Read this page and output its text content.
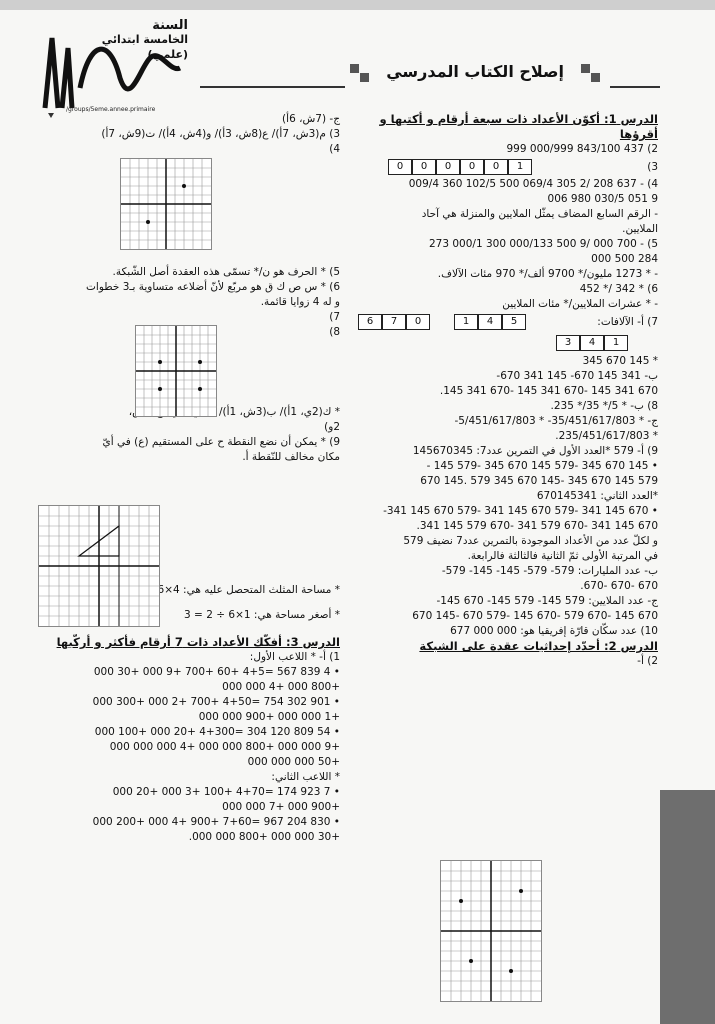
السنة
الخامسة ابتدائي
(علمي)
/groups/5eme.annee.primaire
إصلاح الكتاب المدرسي

الدرس 1: أكوّن الأعداد ذات سبعة أرقام و أكتبها و أقرؤها

2) 437 843/100 000/999 999

3)
0	0	0	0	0	1

4) - 637 208 /2 305 069/4 500 102/5 360 009/4

9 051 030/5 980 006

- الرقم السابع المضاف يمثّل الملايين والمنزلة هي آحاد

الملايين.

5) - 700 000 /9 500 000/133 300 000/1 273

284 500 000

- * 1273 مليون/* 9700 ألف/* 970 مئات الآلاف.

6) * 342 /* 452

- * عشرات الملايين/* مئات الملايين

7) أ- الآلافات:
6	7	0	1	4	5
3	4	1

* 145 670 345

ب- 341 145 670- 145 341 670-

670 341 145 -670 341 145 -670 341 145.

8) ب- * 5/* 35/* 235.

ج- * 35/451/617/803- * 5/451/617/803-

* 235/451/617/803.

9) أ- 579 *العدد الأول في التمرين عدد7: 145670345

• 145 670 345 -579 145 670 345 -579 145 -

579 145 670 345 -145 670 345 579 .145 670

*العدد الثاني: 670145341

• 670 145 341 -579 670 145 341 -579 670 145 341-

670 145 341 -670 579 341 -670 579 145 341.

و لكلّ عدد من الأعداد الموجودة بالتمرين عدد7 نضيف 579

في المرتبة الأولى ثمّ الثانية فالثالثة فالرابعة.

ب- عدد المليارات: 579- 579- 145- 145- 579-

670 -670 -670.

ج- عدد الملايين: 579 145- 579 145- 670 145-

670 145 -670 579 -670 145 -579 670 -145 670

10) عدد سكّان قارّة إفريقيا هو: 000 000 677

الدرس 2: أحدّد إحداثيات عقدة على الشبكة

2) أ-

ج- (7ش، 6أ)

3) م(3ش، 7أ)/ ع(8ش، 3أ)/ و(4ش، 4أ)/ ت(9ش، 7أ)

4)

5) * الحرف هو ن/* تسمّى هذه العقدة أصل الشّبكة.

6) * س ص ك ق هو مربّع لأنّ أضلاعه متساوية بـ3 خطوات

و له 4 زوايا قائمة.

7)

8)

* ك(2ي، 1أ)/ ب(3ش، 1أ)/ د(2ي، 2و)/ ج(3ش،

2و)

9) * يمكن أن نضع النقطة ح على المستقيم (ع) في أيّ

مكان مخالف للنّقطة أ.

* مساحة المثلث المتحصل عليه هي: 4×6 ÷ 2 = 12

* أصغر مساحة هي: 1×6 ÷ 2 = 3

الدرس 3: أفكّك الأعداد ذات 7 أرقام فأكثر و أركّبها

1) أ- * اللاعب الأول:

• 4 839 567 =4+5 +60 +700 +9 000 +30 000

+800 000 +4 000 000

• 901 302 754 =4+50 +700 +2 000 +300 000

+1 000 000 +900 000 000

• 54 809 120 304 =4+300 +20 000 +100 000

+9 000 000 +800 000 000 +4 000 000 000

+50 000 000 000

* اللاعب الثاني:

• 7 923 174 =4+70 +100 +3 000 +20 000

+900 000 +7 000 000

• 830 204 967 =7+60 +900 +4 000 +200 000

+30 000 000 +800 000 000.
